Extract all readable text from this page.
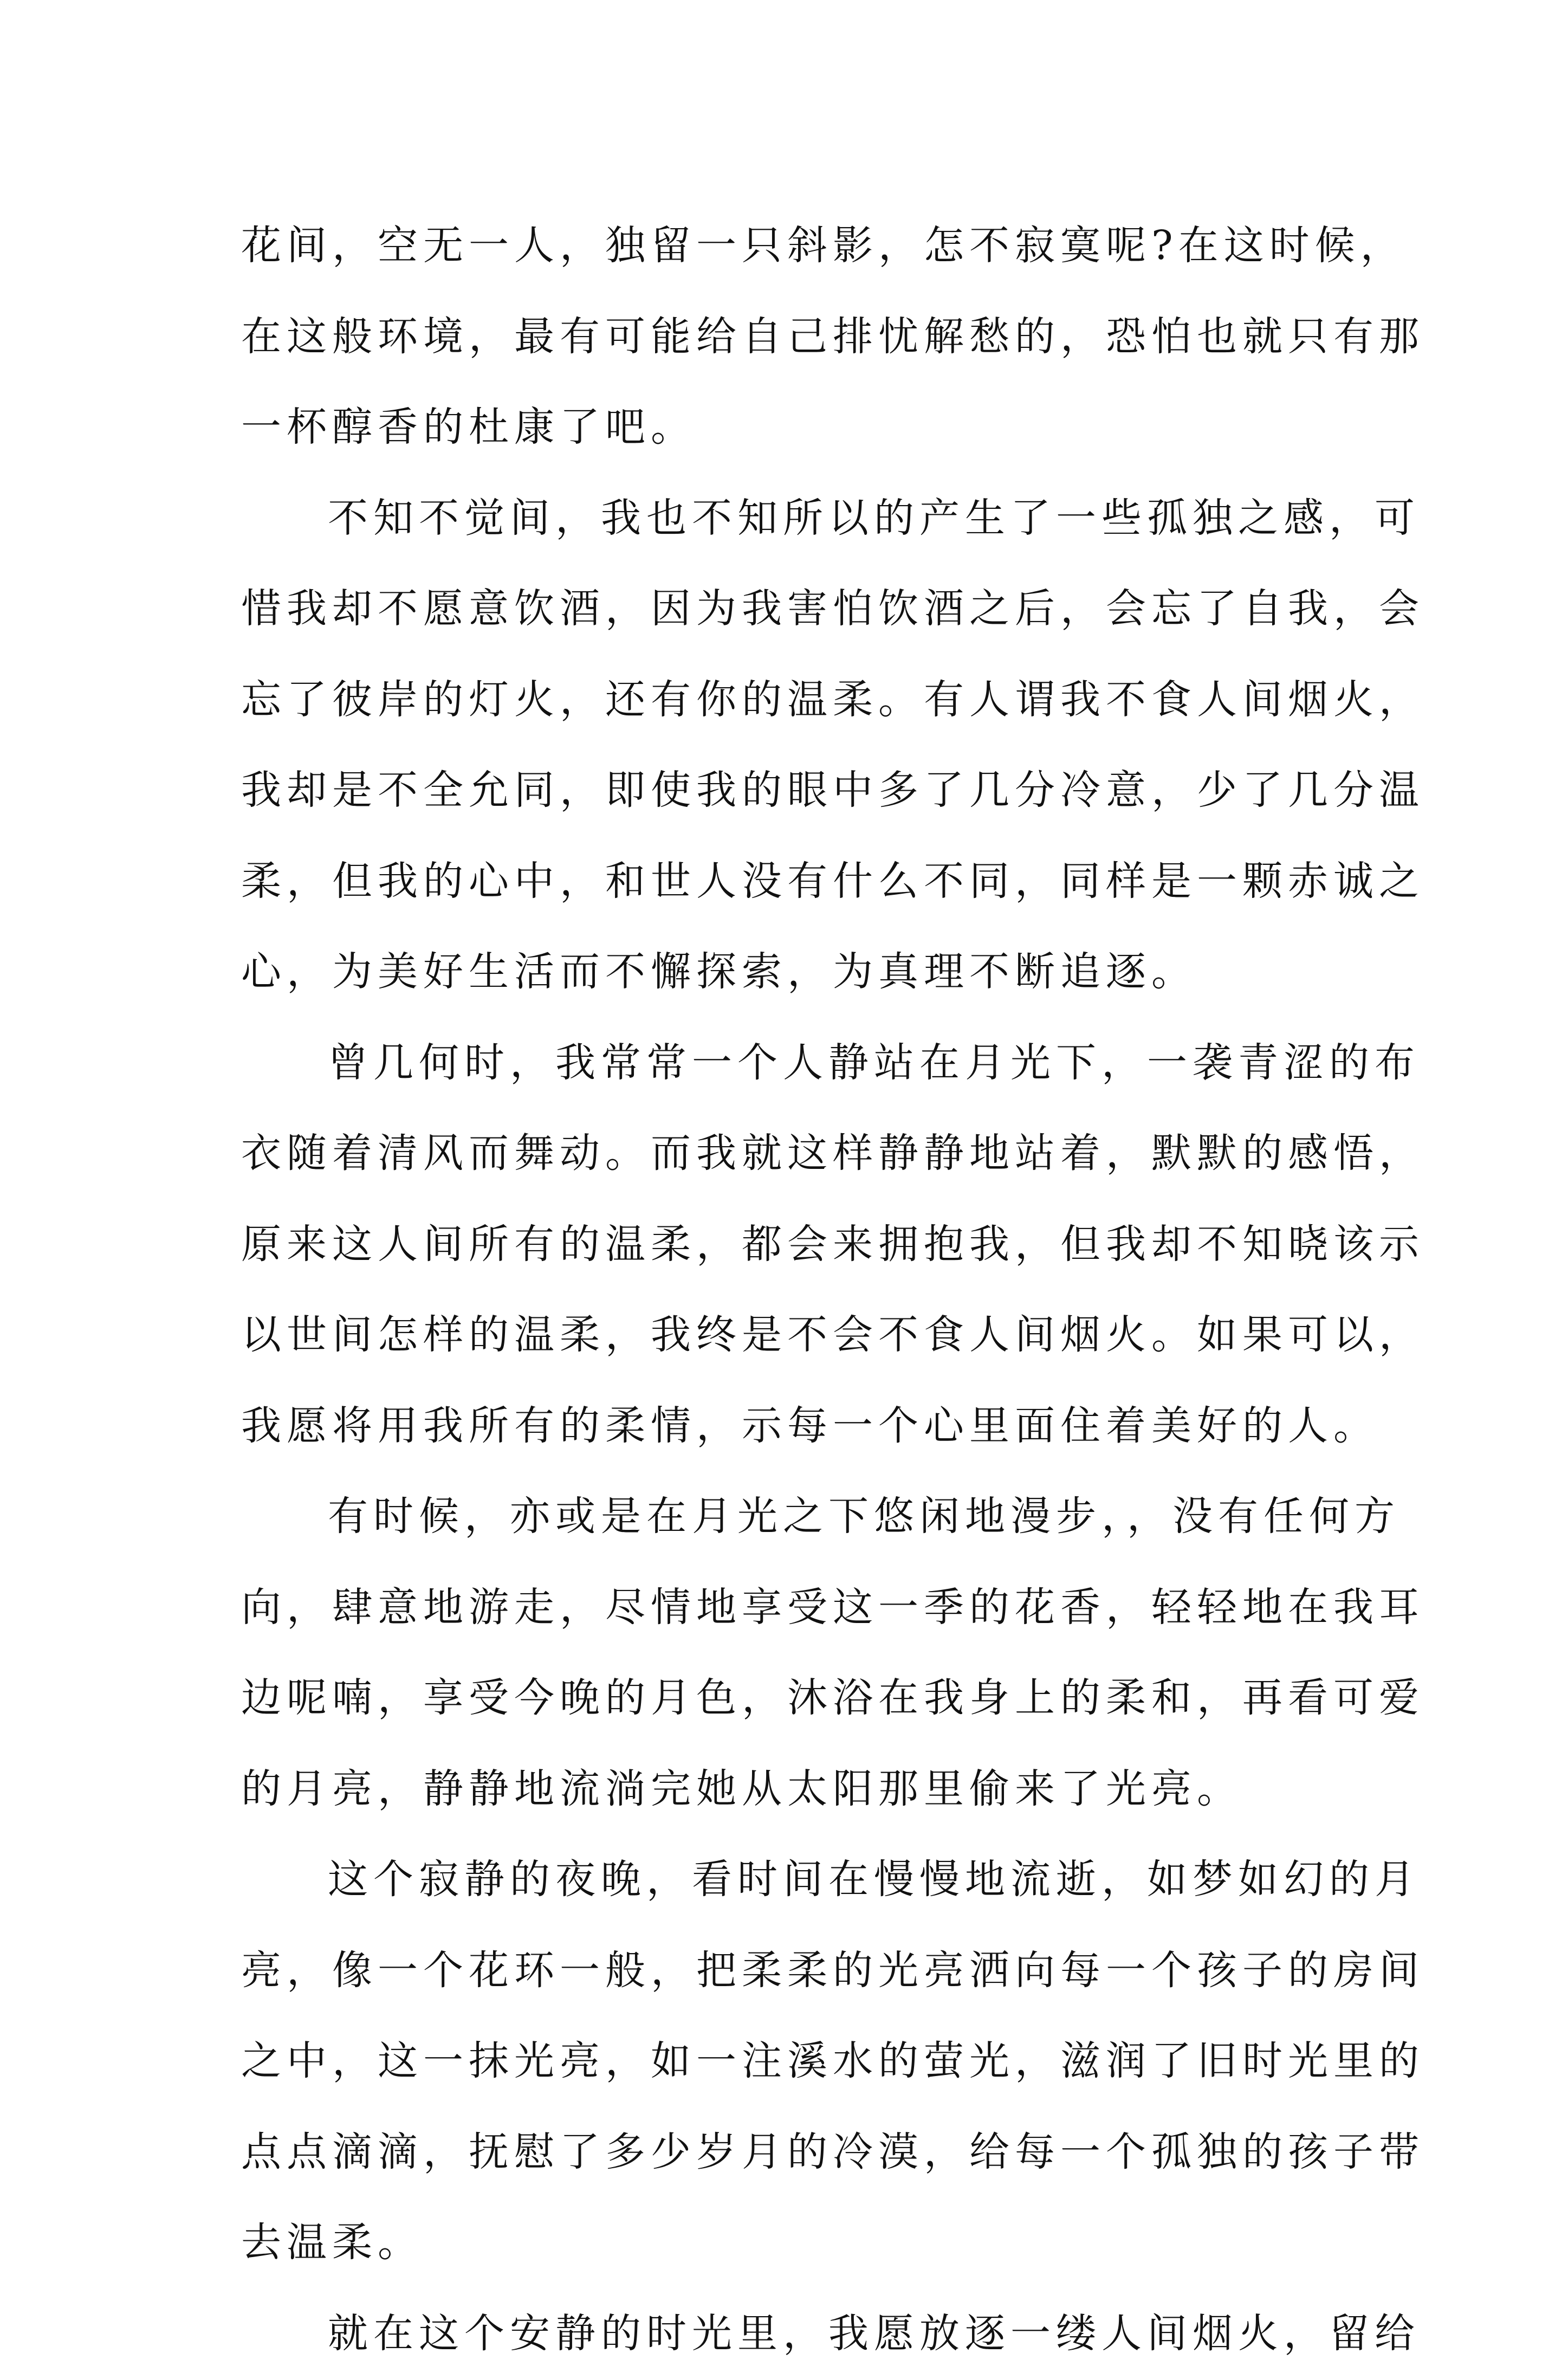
花间，空无一人，独留一只斜影，怎不寂寞呢?在这时候，
在这般环境，最有可能给自己排忧解愁的，恐怕也就只有那
一杯醇香的杜康了吧。
不知不觉间，我也不知所以的产生了一些孤独之感，可
惜我却不愿意饮酒，因为我害怕饮酒之后，会忘了自我，会
忘了彼岸的灯火，还有你的温柔。有人谓我不食人间烟火，
我却是不全允同，即使我的眼中多了几分冷意，少了几分温
柔，但我的心中，和世人没有什么不同，同样是一颗赤诚之
心，为美好生活而不懈探索，为真理不断追逐。
曾几何时，我常常一个人静站在月光下，一袭青涩的布
衣随着清风而舞动。而我就这样静静地站着，默默的感悟，
原来这人间所有的温柔，都会来拥抱我，但我却不知晓该示
以世间怎样的温柔，我终是不会不食人间烟火。如果可以，
我愿将用我所有的柔情，示每一个心里面住着美好的人。
有时候，亦或是在月光之下悠闲地漫步，，没有任何方
向，肆意地游走，尽情地享受这一季的花香，轻轻地在我耳
边呢喃，享受今晚的月色，沐浴在我身上的柔和，再看可爱
的月亮，静静地流淌完她从太阳那里偷来了光亮。
这个寂静的夜晚，看时间在慢慢地流逝，如梦如幻的月
亮，像一个花环一般，把柔柔的光亮洒向每一个孩子的房间
之中，这一抹光亮，如一注溪水的萤光，滋润了旧时光里的
点点滴滴，抚慰了多少岁月的冷漠，给每一个孤独的孩子带
去温柔。
就在这个安静的时光里，我愿放逐一缕人间烟火，留给
